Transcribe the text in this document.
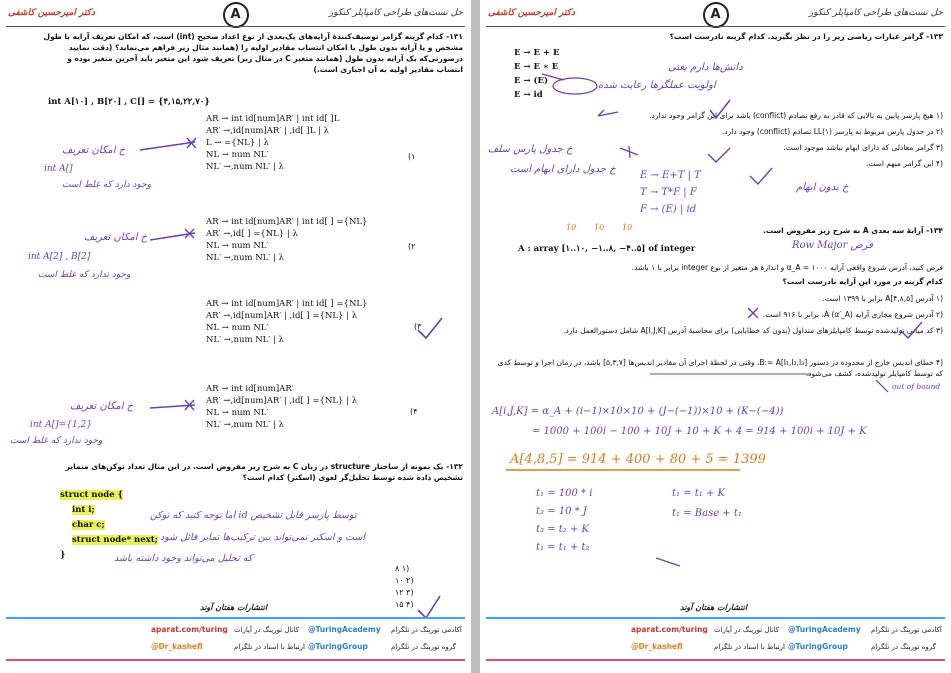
دکتر امیرحسین کاشفی	A	حل تست‌های طراحی کامپایلر کنکور
۱۳۱- کدام گزینه گرامر توصیف‌کنندهٔ آرایه‌های یک‌بعدی از نوع اعداد صحیح (int) است، که امکان تعریف آرایه با طول
مشخص و یا آرایه بدون طول با امکان انتساب مقادیر اولیه را (همانند مثال زیر فراهم می‌نماید؟ (دقت نمایید
درصورتی‌که یک آرایه بدون طول (همانند متغیر C در مثال زیر) تعریف شود این متغیر باید آخرین متغیر بوده و
انتساب مقادیر اولیه به آن اجباری است.)
int A[۱۰] , B[۲۰] , C[] = {۴,۱۵,۲۲,۷۰}
AR → int id[num]AR′ | int id[ ]L
AR′ →,id[num]AR′ | ,id[ ]L | λ
L → ={NL} | λ
NL → num NL′
NL′ →,num NL′ | λ
(۱
AR → int id[num]AR′ | int id[ ] ={NL}
AR′ →,id[ ] ={NL} | λ
NL → num NL′
NL′ →,num NL′ | λ
(۲
AR → int id[num]AR′ | int id[ ] ={NL}
AR′ →,id[num]AR′ | ,id[ ] ={NL} | λ
NL → num NL′
NL′ →,num NL′ | λ
(۳
AR → int id[num]AR′
AR′ →,id[num]AR′ | ,id[ ] ={NL} | λ
NL → num NL′
NL′ →,num NL′ | λ
(۴
خ امکان تعریف
int A[]
وجود دارد که غلط است
خ امکان تعریف
int A[2] , B[2]
وجود ندارد که غلط است
خ امکان تعریف
int A[]={1,2}
وجود ندارد که غلط است
۱۳۲- یک نمونه از ساختار structure در زبان C به شرح زیر مفروض است. در این مثال تعداد توکن‌های متمایز
تشخیص داده شده توسط تحلیل‌گر لغوی (اسکنر) کدام است؟
struct node {
int i;
char c;
struct node* next;
}
اما توجه کنید که توکن id توسط پارسر قابل تشخیص
است و اسکنر نمی‌تواند بین ترکیب‌ها تمایز قائل شود
که تحلیل می‌تواند وجود داشته باشد
(۱ ۸
(۲ ۱۰
(۳ ۱۲
(۴ ۱۵
انتشارات هفتان آوند
aparat.com/turing کانال تورینگ در آپارات @TuringAcademy آکادمی تورینگ در تلگرام
@Dr_kashefi	ارتباط با استاد در تلگرام @TuringGroup	گروه تورینگ در تلگرام
دکتر امیرحسین کاشفی	A	حل تست‌های طراحی کامپایلر کنکور
۱۳۳- گرامر عبارات ریاضی زیر را در نظر بگیرید. کدام گزینه نادرست است؟
E → E + E
E → E ∗ E
E → (E)
E → id
دانش‌ها دارم یعنی
اولویت عملگرها رعایت شده
(۱ هیچ پارسر پایین به بالایی که قادر به رفع تصادم (conflict) باشد برای این گرامر وجود ندارد.
(۲ در جدول پارس مربوط به پارسر LL(۱) تصادم (conflict) وجود دارد.
(۳ گرامر معادلی که دارای ابهام نباشد موجود است.
(۴ این گرامر مبهم است.
خ جدول پارس سلف
خ جدول دارای ابهام است
E → E+T | T
T → T*F | F
F → (E) | id
خ بدون ابهام
۱۳۴- آرایهٔ سه بعدی A به شرح زیر مفروض است.
10 10 10
A : array [۱..۱۰, −۱..۸, −۴..۵] of integer	Row Major فرض
فرض کنید، آدرس شروع واقعی آرایه α_A = ۱۰۰۰ و اندازهٔ هر متغیر از نوع integer برابر با ۱ باشد.
کدام گزینه در مورد این آرایه نادرست است؟
(۱ آدرس A[۴,۸,۵] برابر با ۱۳۹۹ است.
(۲ آدرس شروع مجازی آرایه A (α′_A)، برابر با ۹۱۶ است.
(۳ کد میانی تولیدشده توسط کامپایلرهای متداول (بدون کد خطایابی) برای محاسبهٔ آدرس A[I,J,K] شامل دستورالعمل دارد.
(۴ خطای اندیس خارج از محدوده در دستور B:= A[I₁,I₂,I₃]، وقتی در لحظهٔ اجرای آن مقادیر اندیس‌ها [۵,۳,۷] باشد، در زمان اجرا و توسط کدی که توسط کامپایلر تولیدشده، کشف می‌شود.
out of bound
A[i,J,K] = α_A + (i−1)×10×10 + (J−(−1))×10 + (K−(−4))
= 1000 + 100i − 100 + 10J + 10 + K + 4 = 914 + 100i + 10J + K
A[4,8,5] = 914 + 400 + 80 + 5 = 1399
t₁ = 100 * i
t₂ = 10 * J
t₃ = t₂ + K
t₁ = t₁ + t₂
t₁ = t₁ + K
t₁ = Base + t₁
انتشارات هفتان آوند
aparat.com/turing کانال تورینگ در آپارات @TuringAcademy آکادمی تورینگ در تلگرام
@Dr_kashefi	ارتباط با استاد در تلگرام @TuringGroup	گروه تورینگ در تلگرام
